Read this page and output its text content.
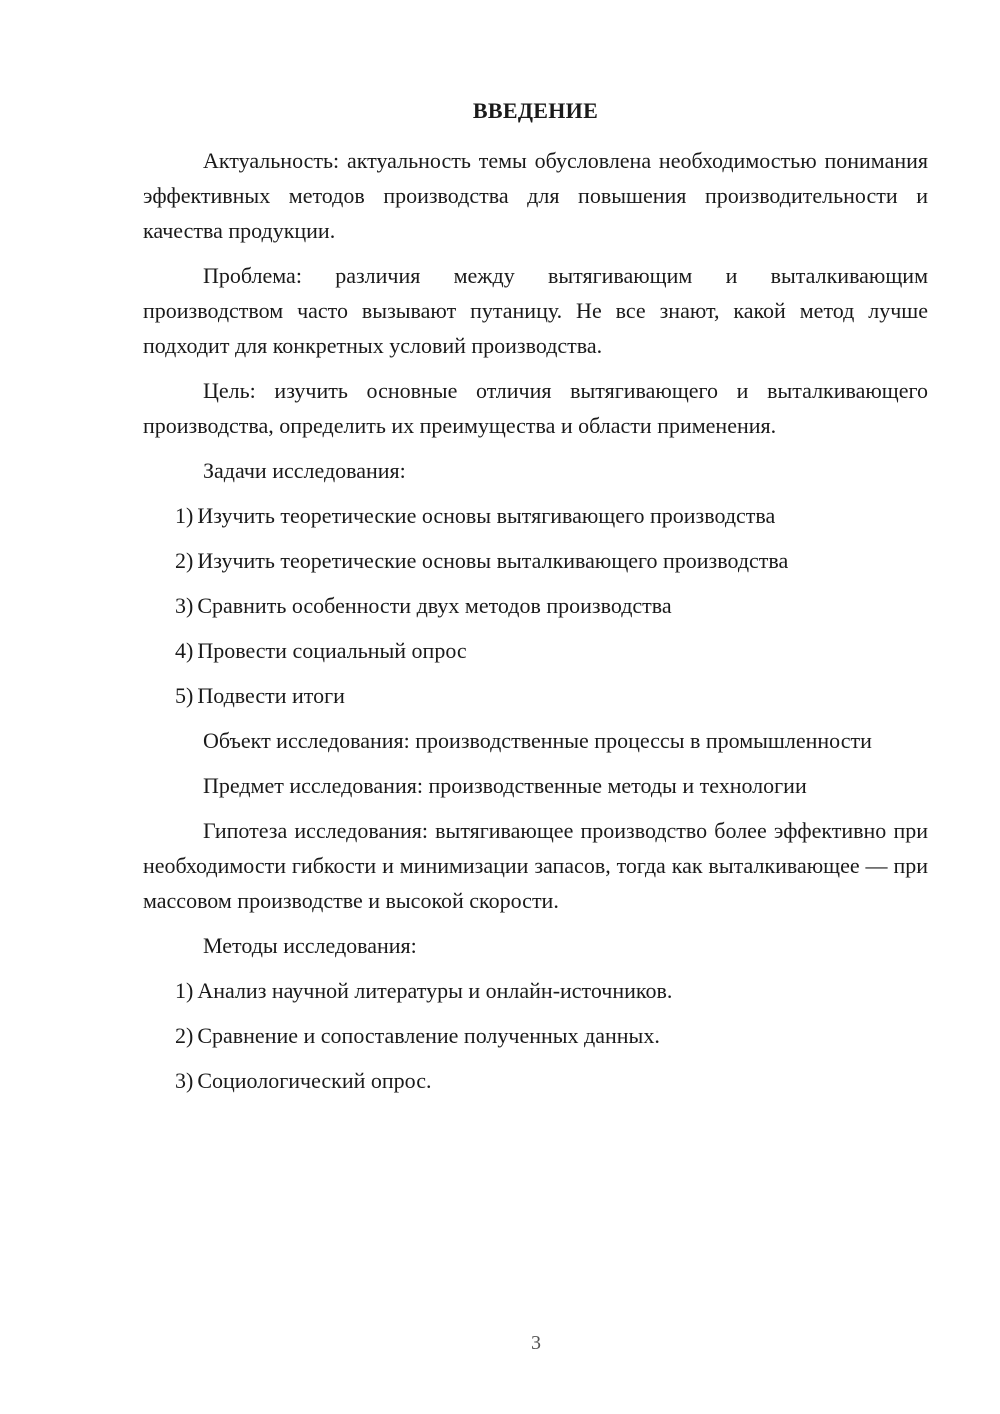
ВВЕДЕНИЕ

Актуальность: актуальность темы обусловлена необходимостью понимания эффективных методов производства для повышения производительности и качества продукции.

Проблема: различия между вытягивающим и выталкивающим производством часто вызывают путаницу. Не все знают, какой метод лучше подходит для конкретных условий производства.

Цель: изучить основные отличия вытягивающего и выталкивающего производства, определить их преимущества и области применения.

Задачи исследования:

1) Изучить теоретические основы вытягивающего производства
2) Изучить теоретические основы выталкивающего производства
3) Сравнить особенности двух методов производства
4) Провести социальный опрос
5) Подвести итоги

Объект исследования: производственные процессы в промышленности

Предмет исследования: производственные методы и технологии

Гипотеза исследования: вытягивающее производство более эффективно при необходимости гибкости и минимизации запасов, тогда как выталкивающее — при массовом производстве и высокой скорости.

Методы исследования:

1) Анализ научной литературы и онлайн-источников.
2) Сравнение и сопоставление полученных данных.
3) Социологический опрос.
3
